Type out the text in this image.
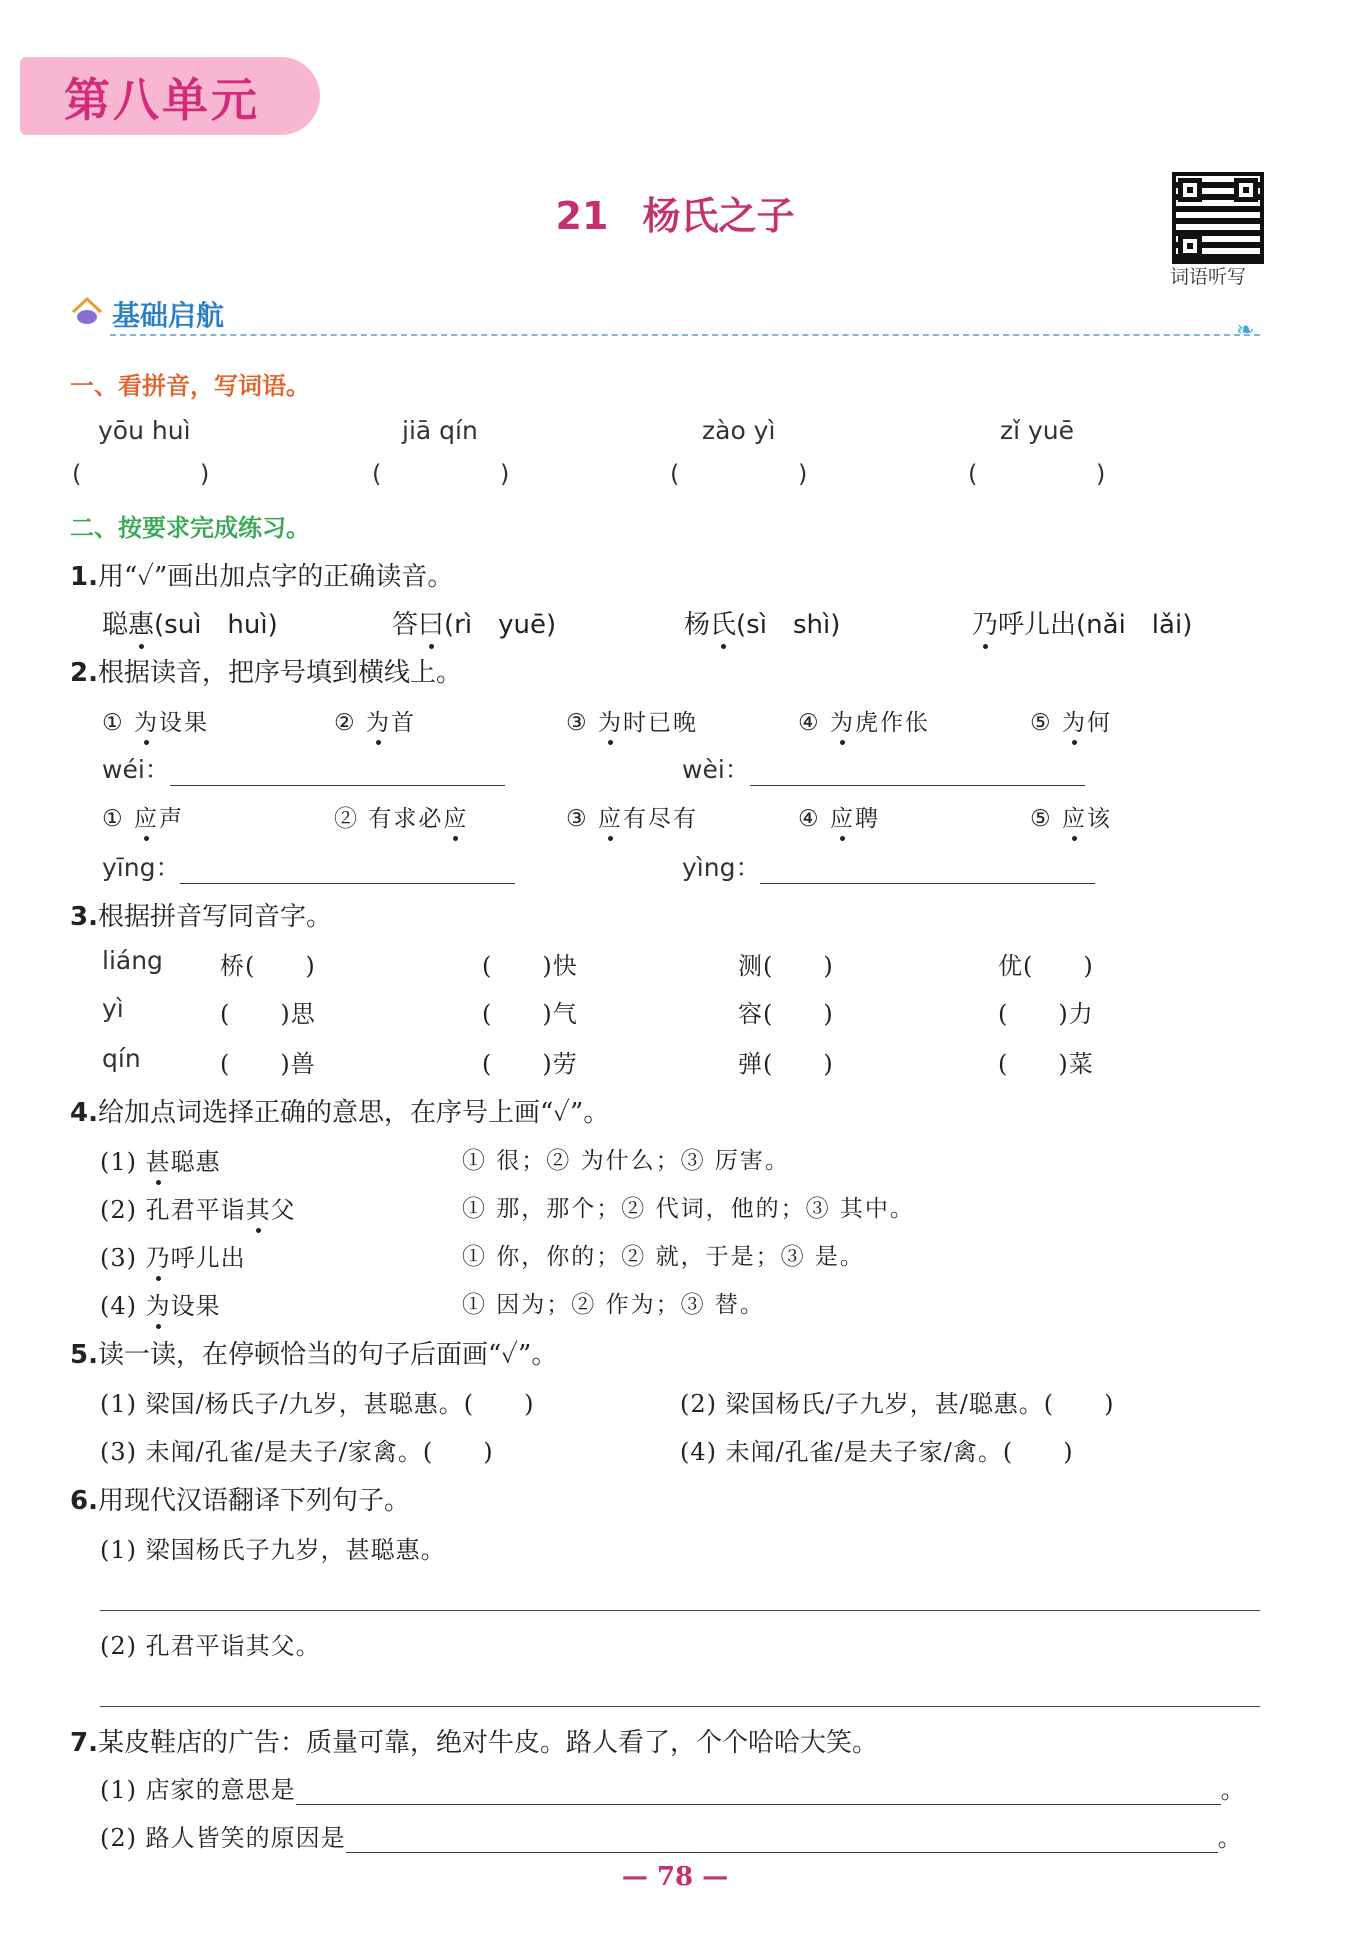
第八单元
21 杨氏之子
词语听写
基础启航	❧
一、看拼音，写词语。
yōu huì	jiā qín	zào yì	zǐ yuē
(	)	(	)	(	)	(	)
二、按要求完成练习。
1.用“✓”画出加点字的正确读音。
聪惠(suì　huì)	答曰(rì　yuē)	杨氏(sì　shì)	乃呼儿出(nǎi　lǎi)
2.根据读音，把序号填到横线上。
① 为设果	② 为首	③ 为时已晚	④ 为虎作伥	⑤ 为何
wéi：	wèi：
① 应声	② 有求必应	③ 应有尽有	④ 应聘	⑤ 应该
yīng：	yìng：
3.根据拼音写同音字。
liáng 桥(　　)	(　　)快	测(　　)	优(　　)
yì	(　　)思	(　　)气	容(　　)	(　　)力
qín	(　　)兽	(　　)劳	弹(　　)	(　　)菜
4.给加点词选择正确的意思，在序号上画“✓”。
(1) 甚聪惠	① 很；② 为什么；③ 厉害。
(2) 孔君平诣其父	① 那，那个；② 代词，他的；③ 其中。
(3) 乃呼儿出	① 你，你的；② 就，于是；③ 是。
(4) 为设果	① 因为；② 作为；③ 替。
5.读一读，在停顿恰当的句子后面画“✓”。
(1) 梁国/杨氏子/九岁，甚聪惠。(　　)	(2) 梁国杨氏/子九岁，甚/聪惠。(　　)
(3) 未闻/孔雀/是夫子/家禽。(　　)	(4) 未闻/孔雀/是夫子家/禽。(　　)
6.用现代汉语翻译下列句子。
(1) 梁国杨氏子九岁，甚聪惠。
(2) 孔君平诣其父。
7.某皮鞋店的广告：质量可靠，绝对牛皮。路人看了，个个哈哈大笑。
(1) 店家的意思是	。
(2) 路人皆笑的原因是	。
— 78 —
